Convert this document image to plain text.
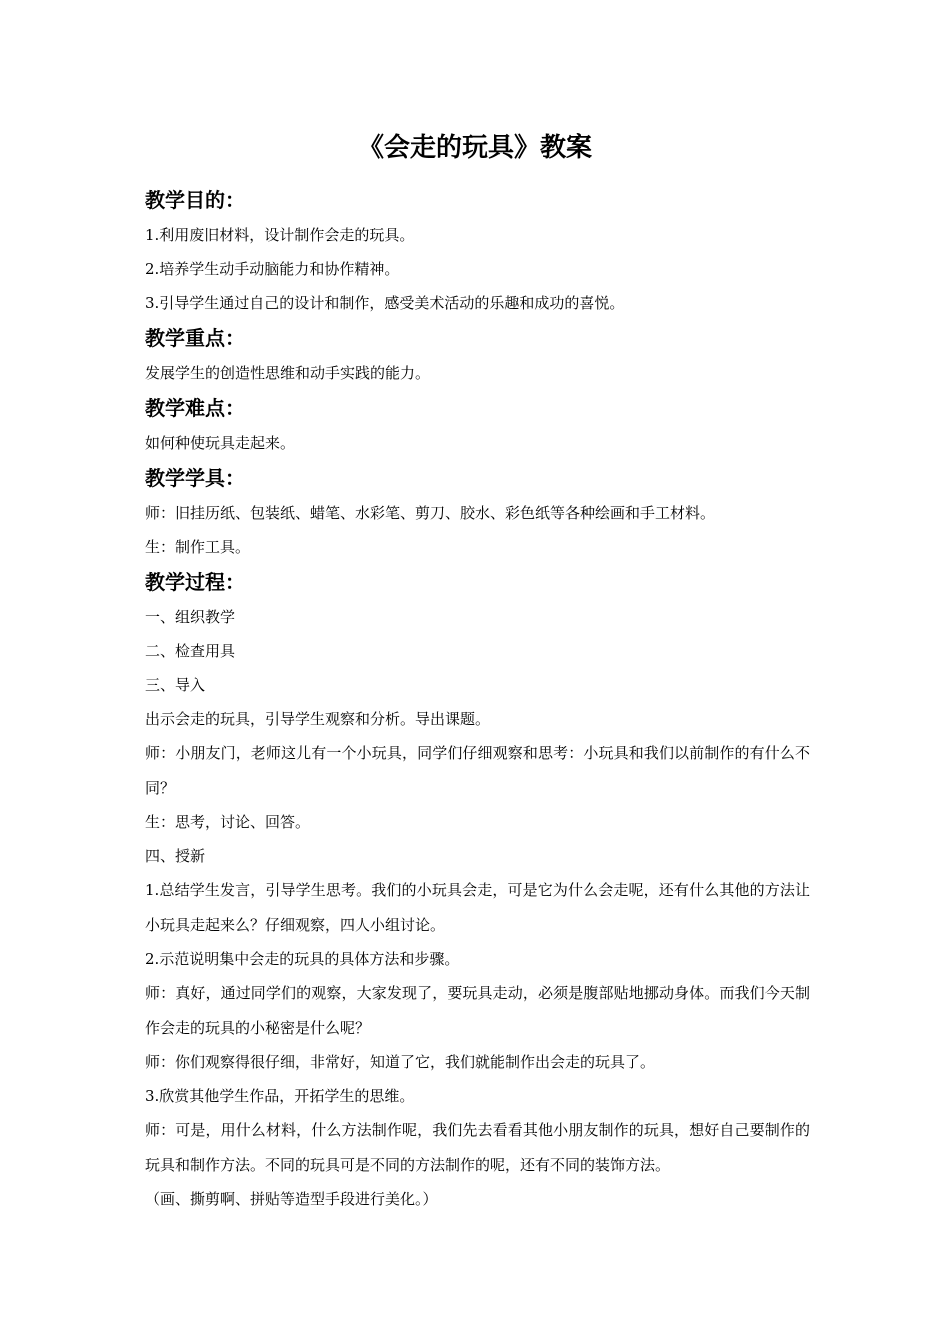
《会走的玩具》教案
教学目的：
1.利用废旧材料，设计制作会走的玩具。
2.培养学生动手动脑能力和协作精神。
3.引导学生通过自己的设计和制作，感受美术活动的乐趣和成功的喜悦。
教学重点：
发展学生的创造性思维和动手实践的能力。
教学难点：
如何种使玩具走起来。
教学学具：
师：旧挂历纸、包装纸、蜡笔、水彩笔、剪刀、胶水、彩色纸等各种绘画和手工材料。
生：制作工具。
教学过程：
一、组织教学
二、检查用具
三、导入
出示会走的玩具，引导学生观察和分析。导出课题。
师：小朋友门，老师这儿有一个小玩具，同学们仔细观察和思考：小玩具和我们以前制作的有什么不同？
生：思考，讨论、回答。
四、授新
1.总结学生发言，引导学生思考。我们的小玩具会走，可是它为什么会走呢，还有什么其他的方法让小玩具走起来么？仔细观察，四人小组讨论。
2.示范说明集中会走的玩具的具体方法和步骤。
师：真好，通过同学们的观察，大家发现了，要玩具走动，必须是腹部贴地挪动身体。而我们今天制作会走的玩具的小秘密是什么呢？
师：你们观察得很仔细，非常好，知道了它，我们就能制作出会走的玩具了。
3.欣赏其他学生作品，开拓学生的思维。
师：可是，用什么材料，什么方法制作呢，我们先去看看其他小朋友制作的玩具，想好自己要制作的玩具和制作方法。不同的玩具可是不同的方法制作的呢，还有不同的装饰方法。
（画、撕剪啊、拼贴等造型手段进行美化。）
